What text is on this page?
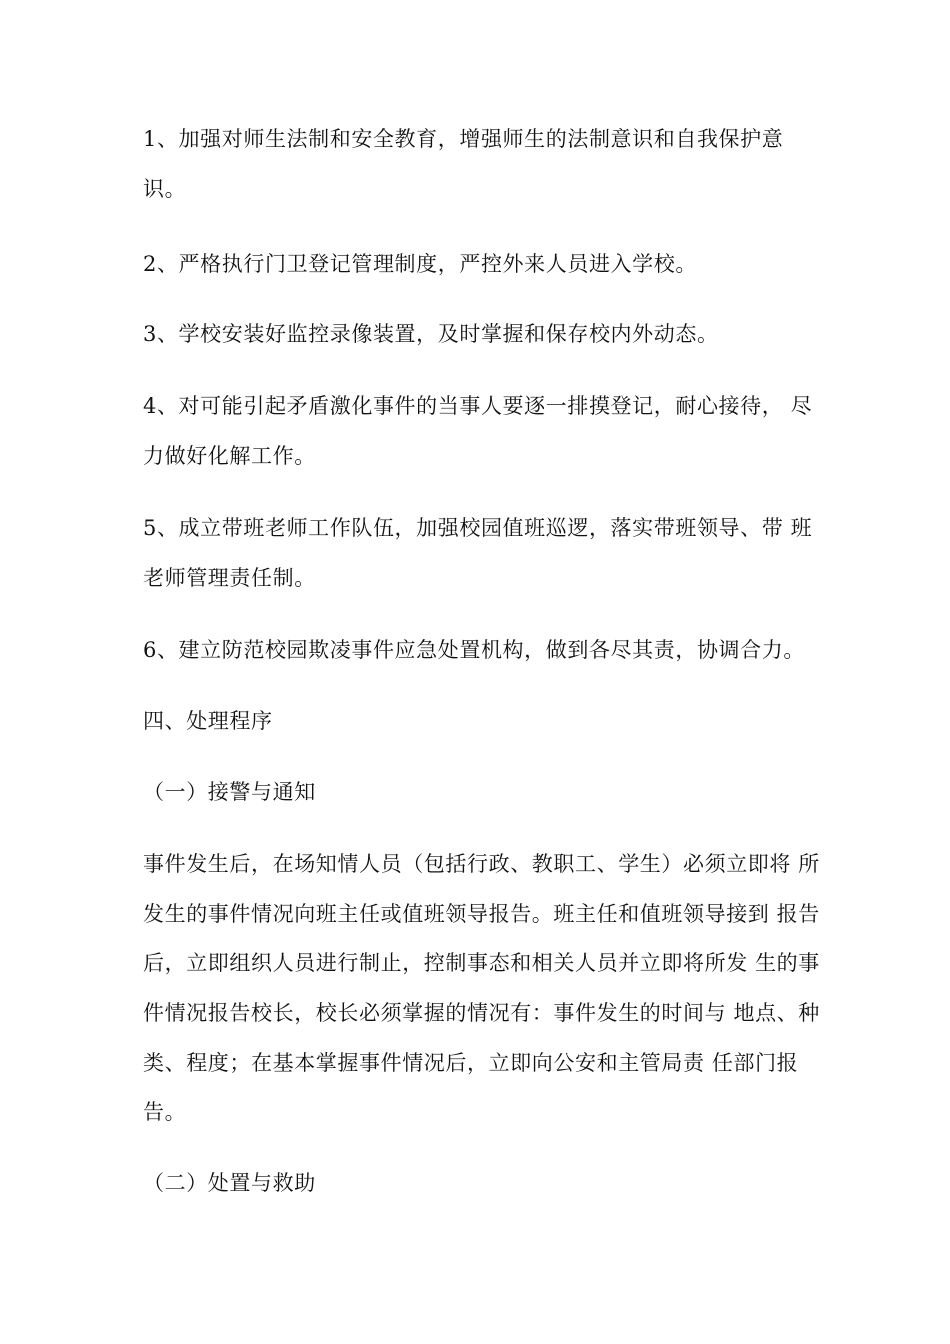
1、加强对师生法制和安全教育，增强师生的法制意识和自我保护意
识。
2、严格执行门卫登记管理制度，严控外来人员进入学校。
3、学校安装好监控录像装置，及时掌握和保存校内外动态。
4、对可能引起矛盾激化事件的当事人要逐一排摸登记，耐心接待， 尽
力做好化解工作。
5、成立带班老师工作队伍，加强校园值班巡逻，落实带班领导、带 班
老师管理责任制。
6、建立防范校园欺凌事件应急处置机构，做到各尽其责，协调合力。
四、处理程序
（一）接警与通知
事件发生后，在场知情人员（包括行政、教职工、学生）必须立即将 所
发生的事件情况向班主任或值班领导报告。班主任和值班领导接到 报告
后，立即组织人员进行制止，控制事态和相关人员并立即将所发 生的事
件情况报告校长，校长必须掌握的情况有：事件发生的时间与 地点、种
类、程度；在基本掌握事件情况后，立即向公安和主管局责 任部门报
告。
（二）处置与救助
